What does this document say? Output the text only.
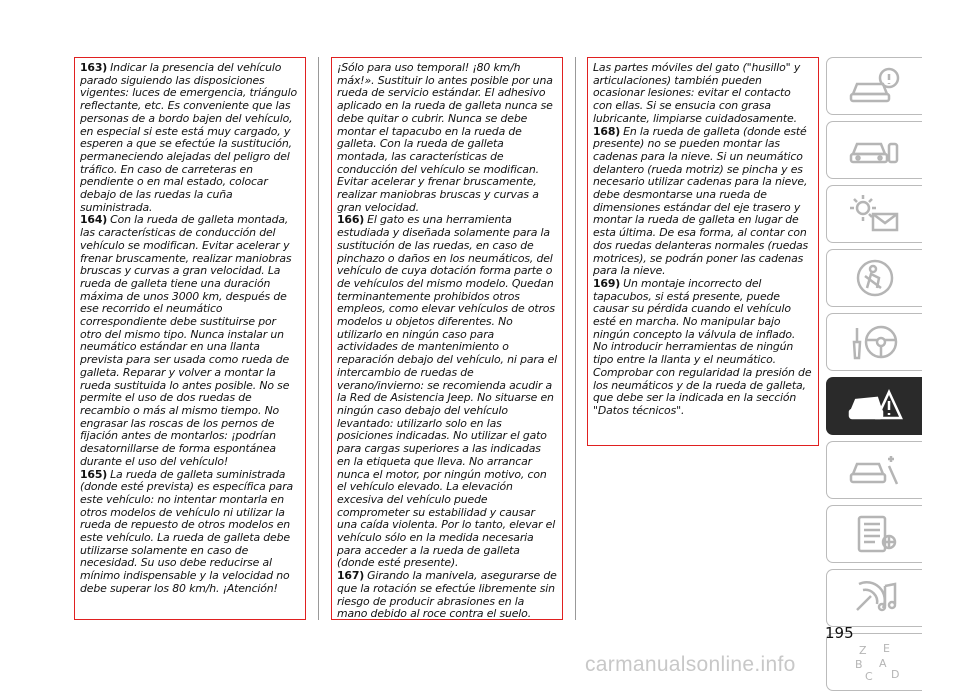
163) Indicar la presencia del vehículo parado siguiendo las disposiciones vigentes: luces de emergencia, triángulo reflectante, etc. Es conveniente que las personas de a bordo bajen del vehículo, en especial si este está muy cargado, y esperen a que se efectúe la sustitución, permaneciendo alejadas del peligro del tráfico. En caso de carreteras en pendiente o en mal estado, colocar debajo de las ruedas la cuña suministrada.

164) Con la rueda de galleta montada, las características de conducción del vehículo se modifican. Evitar acelerar y frenar bruscamente, realizar maniobras bruscas y curvas a gran velocidad. La rueda de galleta tiene una duración máxima de unos 3000 km, después de ese recorrido el neumático correspondiente debe sustituirse por otro del mismo tipo. Nunca instalar un neumático estándar en una llanta prevista para ser usada como rueda de galleta. Reparar y volver a montar la rueda sustituida lo antes posible. No se permite el uso de dos ruedas de recambio o más al mismo tiempo. No engrasar las roscas de los pernos de fijación antes de montarlos: ¡podrían desatornillarse de forma espontánea durante el uso del vehículo!

165) La rueda de galleta suministrada (donde esté prevista) es específica para este vehículo: no intentar montarla en otros modelos de vehículo ni utilizar la rueda de repuesto de otros modelos en este vehículo. La rueda de galleta debe utilizarse solamente en caso de necesidad. Su uso debe reducirse al mínimo indispensable y la velocidad no debe superar los 80 km/h. ¡Atención!

¡Sólo para uso temporal! ¡80 km/h máx!». Sustituir lo antes posible por una rueda de servicio estándar. El adhesivo aplicado en la rueda de galleta nunca se debe quitar o cubrir. Nunca se debe montar el tapacubo en la rueda de galleta. Con la rueda de galleta montada, las características de conducción del vehículo se modifican. Evitar acelerar y frenar bruscamente, realizar maniobras bruscas y curvas a gran velocidad.

166) El gato es una herramienta estudiada y diseñada solamente para la sustitución de las ruedas, en caso de pinchazo o daños en los neumáticos, del vehículo de cuya dotación forma parte o de vehículos del mismo modelo. Quedan terminantemente prohibidos otros empleos, como elevar vehículos de otros modelos u objetos diferentes. No utilizarlo en ningún caso para actividades de mantenimiento o reparación debajo del vehículo, ni para el intercambio de ruedas de verano/invierno: se recomienda acudir a la Red de Asistencia Jeep. No situarse en ningún caso debajo del vehículo levantado: utilizarlo solo en las posiciones indicadas. No utilizar el gato para cargas superiores a las indicadas en la etiqueta que lleva. No arrancar nunca el motor, por ningún motivo, con el vehículo elevado. La elevación excesiva del vehículo puede comprometer su estabilidad y causar una caída violenta. Por lo tanto, elevar el vehículo sólo en la medida necesaria para acceder a la rueda de galleta (donde esté presente).

167) Girando la manivela, asegurarse de que la rotación se efectúe libremente sin riesgo de producir abrasiones en la mano debido al roce contra el suelo.

Las partes móviles del gato ("husillo" y articulaciones) también pueden ocasionar lesiones: evitar el contacto con ellas. Si se ensucia con grasa lubricante, limpiarse cuidadosamente.

168) En la rueda de galleta (donde esté presente) no se pueden montar las cadenas para la nieve. Si un neumático delantero (rueda motriz) se pincha y es necesario utilizar cadenas para la nieve, debe desmontarse una rueda de dimensiones estándar del eje trasero y montar la rueda de galleta en lugar de esta última. De esa forma, al contar con dos ruedas delanteras normales (ruedas motrices), se podrán poner las cadenas para la nieve.

169) Un montaje incorrecto del tapacubos, si está presente, puede causar su pérdida cuando el vehículo esté en marcha. No manipular bajo ningún concepto la válvula de inflado. No introducir herramientas de ningún tipo entre la llanta y el neumático. Comprobar con regularidad la presión de los neumáticos y de la rueda de galleta, que debe ser la indicada en la sección "Datos técnicos".

Z E
B A
C D
195
carmanualsonline.info
